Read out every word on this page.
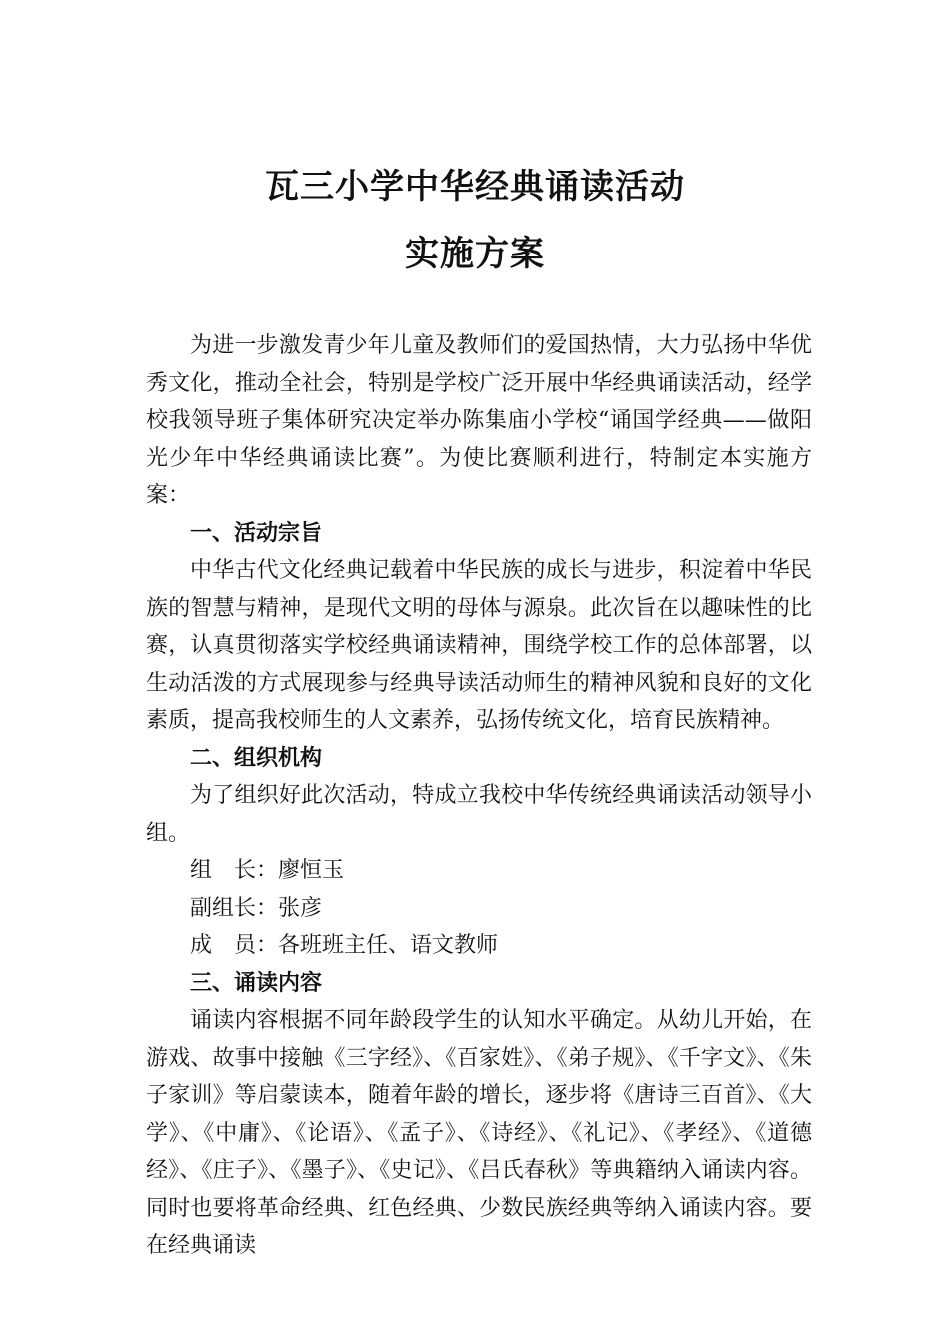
瓦三小学中华经典诵读活动
实施方案

为进一步激发青少年儿童及教师们的爱国热情，大力弘扬中华优秀文化，推动全社会，特别是学校广泛开展中华经典诵读活动，经学校我领导班子集体研究决定举办陈集庙小学校“诵国学经典——做阳光少年中华经典诵读比赛”。为使比赛顺利进行，特制定本实施方案：

一、活动宗旨

中华古代文化经典记载着中华民族的成长与进步，积淀着中华民族的智慧与精神，是现代文明的母体与源泉。此次旨在以趣味性的比赛，认真贯彻落实学校经典诵读精神，围绕学校工作的总体部署，以生动活泼的方式展现参与经典导读活动师生的精神风貌和良好的文化素质，提高我校师生的人文素养，弘扬传统文化，培育民族精神。

二、组织机构

为了组织好此次活动，特成立我校中华传统经典诵读活动领导小组。

组　长：廖恒玉

副组长：张彦

成　员：各班班主任、语文教师

三、诵读内容

诵读内容根据不同年龄段学生的认知水平确定。从幼儿开始，在游戏、故事中接触《三字经》、《百家姓》、《弟子规》、《千字文》、《朱子家训》等启蒙读本，随着年龄的增长，逐步将《唐诗三百首》、《大学》、《中庸》、《论语》、《孟子》、《诗经》、《礼记》、《孝经》、《道德经》、《庄子》、《墨子》、《史记》、《吕氏春秋》等典籍纳入诵读内容。同时也要将革命经典、红色经典、少数民族经典等纳入诵读内容。要在经典诵读
